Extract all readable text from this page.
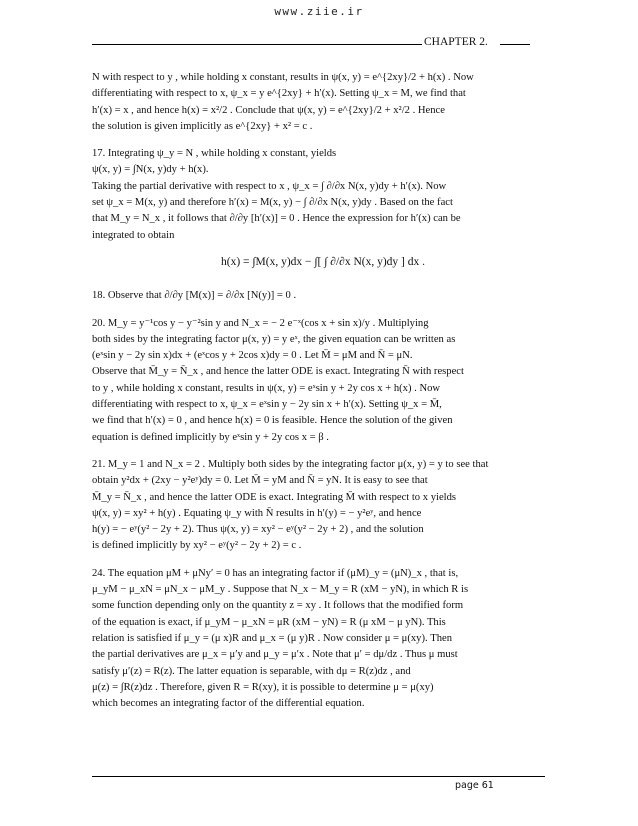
www.ziie.ir
CHAPTER 2.
N with respect to y , while holding x constant, results in ψ(x, y) = e^{2xy}/2 + h(x) . Now
differentiating with respect to x, ψ_x = y e^{2xy} + h′(x). Setting ψ_x = M, we find that
h′(x) = x , and hence h(x) = x²/2 . Conclude that ψ(x, y) = e^{2xy}/2 + x²/2 . Hence
the solution is given implicitly as e^{2xy} + x² = c .
17. Integrating ψ_y = N , while holding x constant, yields
ψ(x, y) = ∫N(x, y)dy + h(x).
Taking the partial derivative with respect to x , ψ_x = ∫ ∂/∂x N(x, y)dy + h′(x). Now
set ψ_x = M(x, y) and therefore h′(x) = M(x, y) − ∫ ∂/∂x N(x, y)dy . Based on the fact
that M_y = N_x , it follows that ∂/∂y [h′(x)] = 0 . Hence the expression for h′(x) can be
integrated to obtain
h(x) = ∫M(x, y)dx − ∫[ ∫ ∂/∂x N(x, y)dy ] dx .
18. Observe that ∂/∂y [M(x)] = ∂/∂x [N(y)] = 0 .
20. M_y = y⁻¹cos y − y⁻²sin y and N_x = − 2 e⁻ˣ(cos x + sin x)/y . Multiplying
both sides by the integrating factor μ(x, y) = y eˣ, the given equation can be written as
(eˣsin y − 2y sin x)dx + (eˣcos y + 2cos x)dy = 0 . Let M̄ = μM and N̄ = μN.
Observe that M̄_y = N̄_x , and hence the latter ODE is exact. Integrating N̄ with respect
to y , while holding x constant, results in ψ(x, y) = eˣsin y + 2y cos x + h(x) . Now
differentiating with respect to x, ψ_x = eˣsin y − 2y sin x + h′(x). Setting ψ_x = M̄,
we find that h′(x) = 0 , and hence h(x) = 0 is feasible. Hence the solution of the given
equation is defined implicitly by eˣsin y + 2y cos x = β .
21. M_y = 1 and N_x = 2 . Multiply both sides by the integrating factor μ(x, y) = y to see that
obtain y²dx + (2xy − y²eʸ)dy = 0. Let M̄ = yM and N̄ = yN. It is easy to see that
M̄_y = N̄_x , and hence the latter ODE is exact. Integrating M̄ with respect to x yields
ψ(x, y) = xy² + h(y) . Equating ψ_y with N̄ results in h′(y) = − y²eʸ, and hence
h(y) = − eʸ(y² − 2y + 2). Thus ψ(x, y) = xy² − eʸ(y² − 2y + 2) , and the solution
is defined implicitly by xy² − eʸ(y² − 2y + 2) = c .
24. The equation μM + μNy′ = 0 has an integrating factor if (μM)_y = (μN)_x , that is,
μ_yM − μ_xN = μN_x − μM_y . Suppose that N_x − M_y = R (xM − yN), in which R is
some function depending only on the quantity z = xy . It follows that the modified form
of the equation is exact, if μ_yM − μ_xN = μR (xM − yN) = R (μ xM − μ yN). This
relation is satisfied if μ_y = (μ x)R and μ_x = (μ y)R . Now consider μ = μ(xy). Then
the partial derivatives are μ_x = μ′y and μ_y = μ′x . Note that μ′ = dμ/dz . Thus μ must
satisfy μ′(z) = R(z). The latter equation is separable, with dμ = R(z)dz , and
μ(z) = ∫R(z)dz . Therefore, given R = R(xy), it is possible to determine μ = μ(xy)
which becomes an integrating factor of the differential equation.
page 61
